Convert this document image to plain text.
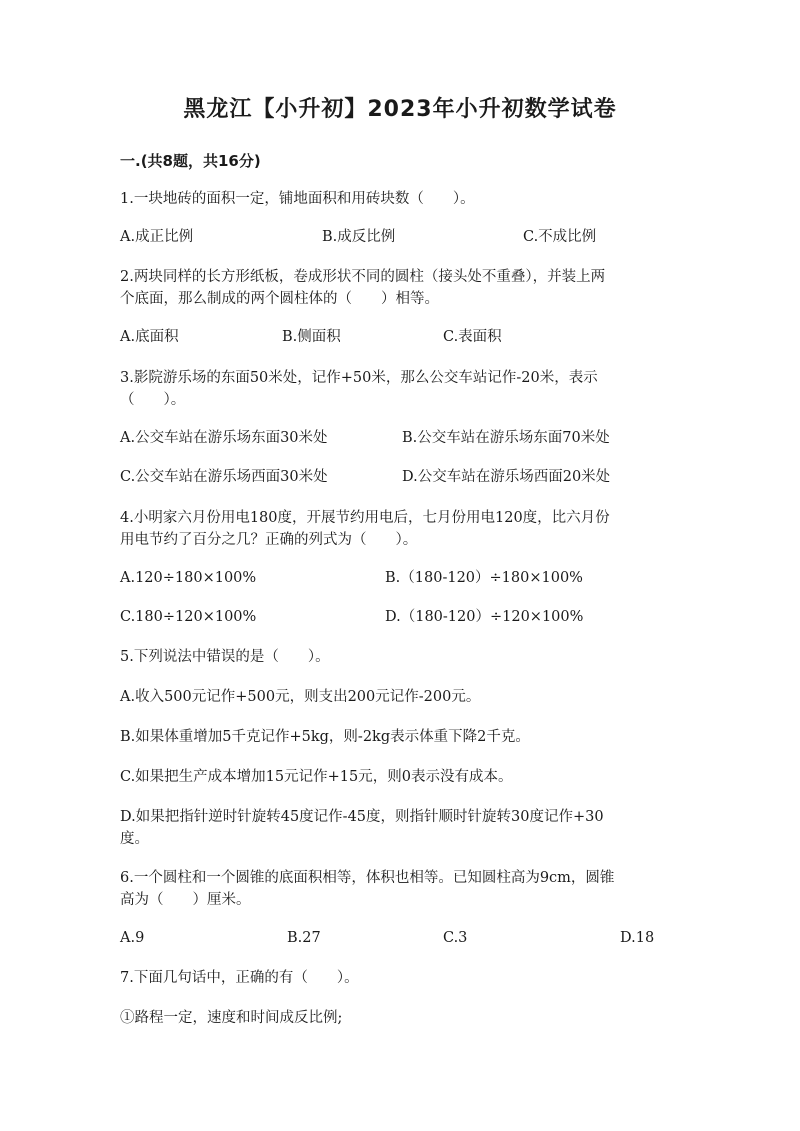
黑龙江【小升初】2023年小升初数学试卷
一.(共8题，共16分)
1.一块地砖的面积一定，铺地面积和用砖块数（　　）。
A.成正比例	B.成反比例	C.不成比例
2.两块同样的长方形纸板，卷成形状不同的圆柱（接头处不重叠），并装上两
个底面，那么制成的两个圆柱体的（　　）相等。
A.底面积	B.侧面积	C.表面积
3.影院游乐场的东面50米处，记作+50米，那么公交车站记作-20米，表示
（　　）。
A.公交车站在游乐场东面30米处	B.公交车站在游乐场东面70米处
C.公交车站在游乐场西面30米处	D.公交车站在游乐场西面20米处
4.小明家六月份用电180度，开展节约用电后，七月份用电120度，比六月份
用电节约了百分之几？正确的列式为（　　）。
A.120÷180×100%	B.（180-120）÷180×100%
C.180÷120×100%	D.（180-120）÷120×100%
5.下列说法中错误的是（　　）。
A.收入500元记作+500元，则支出200元记作-200元。
B.如果体重增加5千克记作+5kg，则-2kg表示体重下降2千克。
C.如果把生产成本增加15元记作+15元，则0表示没有成本。
D.如果把指针逆时针旋转45度记作-45度，则指针顺时针旋转30度记作+30
度。
6.一个圆柱和一个圆锥的底面积相等，体积也相等。已知圆柱高为9cm，圆锥
高为（　　）厘米。
A.9	B.27	C.3	D.18
7.下面几句话中，正确的有（　　）。
①路程一定，速度和时间成反比例;
